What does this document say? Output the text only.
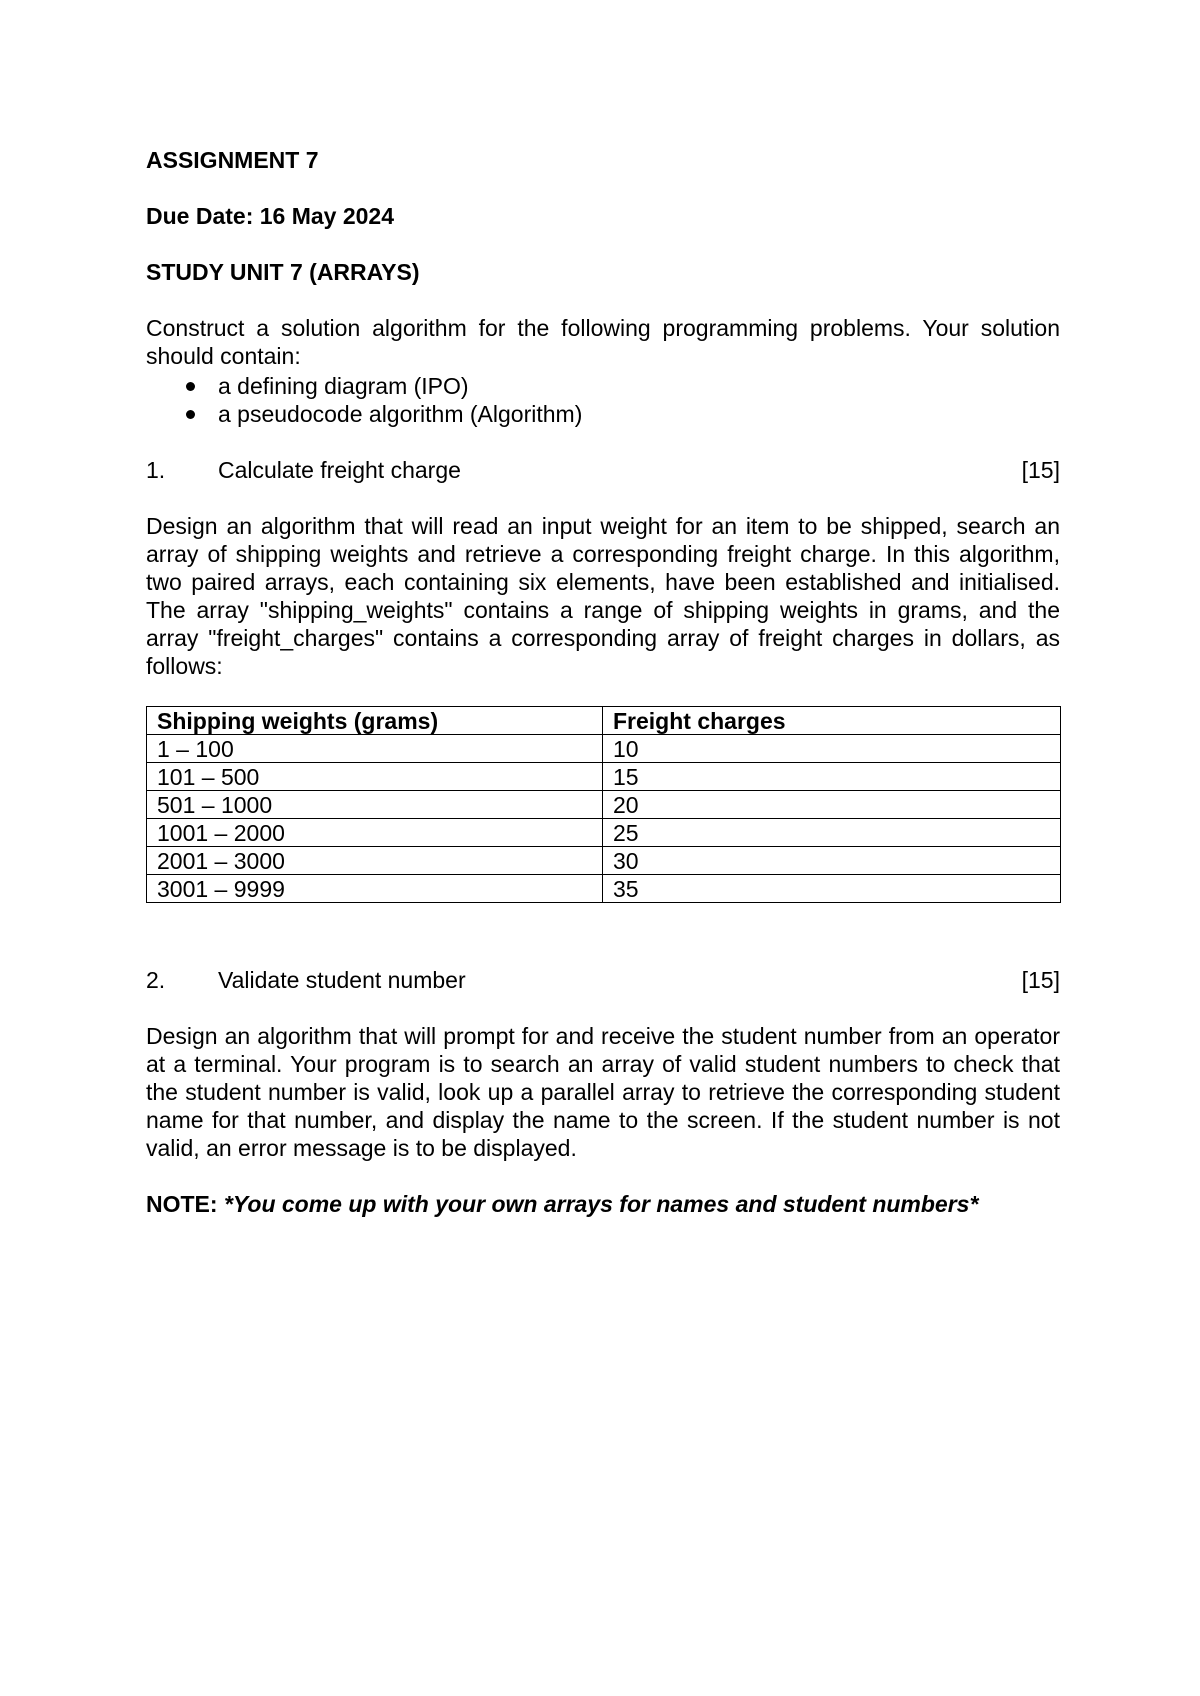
ASSIGNMENT 7

Due Date: 16 May 2024

STUDY UNIT 7 (ARRAYS)

Construct a solution algorithm for the following programming problems. Your solution should contain:

a defining diagram (IPO)
a pseudocode algorithm (Algorithm)
1. Calculate freight charge	[15]

Design an algorithm that will read an input weight for an item to be shipped, search an array of shipping weights and retrieve a corresponding freight charge. In this algorithm, two paired arrays, each containing six elements, have been established and initialised. The array "shipping_weights" contains a range of shipping weights in grams, and the array "freight_charges" contains a corresponding array of freight charges in dollars, as follows:

Shipping weights (grams)	Freight charges
1 – 100	10
101 – 500	15
501 – 1000	20
1001 – 2000	25
2001 – 3000	30
3001 – 9999	35
2. Validate student number	[15]

Design an algorithm that will prompt for and receive the student number from an operator at a terminal. Your program is to search an array of valid student numbers to check that the student number is valid, look up a parallel array to retrieve the corresponding student name for that number, and display the name to the screen. If the student number is not valid, an error message is to be displayed.

NOTE: *You come up with your own arrays for names and student numbers*
